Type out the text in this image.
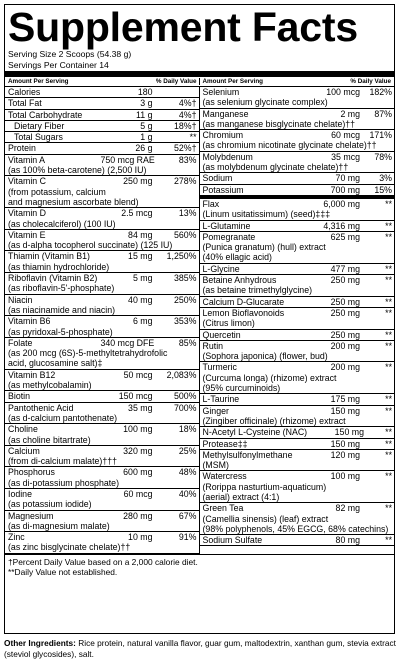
Supplement Facts
Serving Size 2 Scoops (54.38 g)
Servings Per Container 14
Amount Per Serving	% Daily Value Amount Per Serving	% Daily Value
Calories	180
Total Fat	3 g	4%†
Total Carbohydrate	11 g	4%†
Dietary Fiber	5 g	18%†
Total Sugars	1 g	**
Protein	26 g	52%†
Vitamin A	750 mcg RAE	83%
(as 100% beta-carotene) (2,500 IU)
Vitamin C	250 mg	278%
(from potassium, calcium
and magnesium ascorbate blend)
Vitamin D	2.5 mcg	13%
(as cholecalciferol) (100 IU)
Vitamin E	84 mg	560%
(as d-alpha tocopherol succinate) (125 IU)
Thiamin (Vitamin B1)	15 mg	1,250%
(as thiamin hydrochloride)
Riboflavin (Vitamin B2)	5 mg	385%
(as riboflavin-5'-phosphate)
Niacin	40 mg	250%
(as niacinamide and niacin)
Vitamin B6	6 mg	353%
(as pyridoxal-5-phosphate)
Folate	340 mcg DFE	85%
(as 200 mcg (6S)-5-methyltetrahydrofolic
acid, glucosamine salt)‡
Vitamin B12	50 mcg	2,083%
(as methylcobalamin)
Biotin	150 mcg	500%
Pantothenic Acid	35 mg	700%
(as d-calcium pantothenate)
Choline	100 mg	18%
(as choline bitartrate)
Calcium	320 mg	25%
(from di-calcium malate)†††
Phosphorus	600 mg	48%
(as di-potassium phosphate)
Iodine	60 mcg	40%
(as potassium iodide)
Magnesium	280 mg	67%
(as di-magnesium malate)
Zinc	10 mg	91%
(as zinc bisglycinate chelate)††
Selenium	100 mcg	182%
(as selenium glycinate complex)
Manganese	2 mg	87%
(as manganese bisglycinate chelate)††
Chromium	60 mcg	171%
(as chromium nicotinate glycinate chelate)††
Molybdenum	35 mcg	78%
(as molybdenum glycinate chelate)††
Sodium	70 mg	3%
Potassium	700 mg	15%
Flax	6,000 mg	**
(Linum usitatissimum) (seed)‡‡‡
L-Glutamine	4,316 mg	**
Pomegranate	625 mg	**
(Punica granatum) (hull) extract
(40% ellagic acid)
L-Glycine	477 mg	**
Betaine Anhydrous	250 mg	**
(as betaine trimethylglycine)
Calcium D-Glucarate	250 mg	**
Lemon Bioflavonoids	250 mg	**
(Citrus limon)
Quercetin	250 mg	**
Rutin	200 mg	**
(Sophora japonica) (flower, bud)
Turmeric	200 mg	**
(Curcuma longa) (rhizome) extract
(95% curcuminoids)
L-Taurine	175 mg	**
Ginger	150 mg	**
(Zingiber officinale) (rhizome) extract
N-Acetyl L-Cysteine (NAC)	150 mg	**
Protease‡‡	150 mg	**
Methylsulfonylmethane	120 mg	**
(MSM)
Watercress	100 mg	**
(Rorippa nasturtium-aquaticum)
(aerial) extract (4:1)
Green Tea	82 mg	**
(Camellia sinensis) (leaf) extract
(98% polyphenols, 45% EGCG, 68% catechins)
Sodium Sulfate	80 mg	**
†Percent Daily Value based on a 2,000 calorie diet.
**Daily Value not established.
Other Ingredients: Rice protein, natural vanilla flavor, guar gum, maltodextrin, xanthan gum, stevia extract (steviol glycosides), salt.
